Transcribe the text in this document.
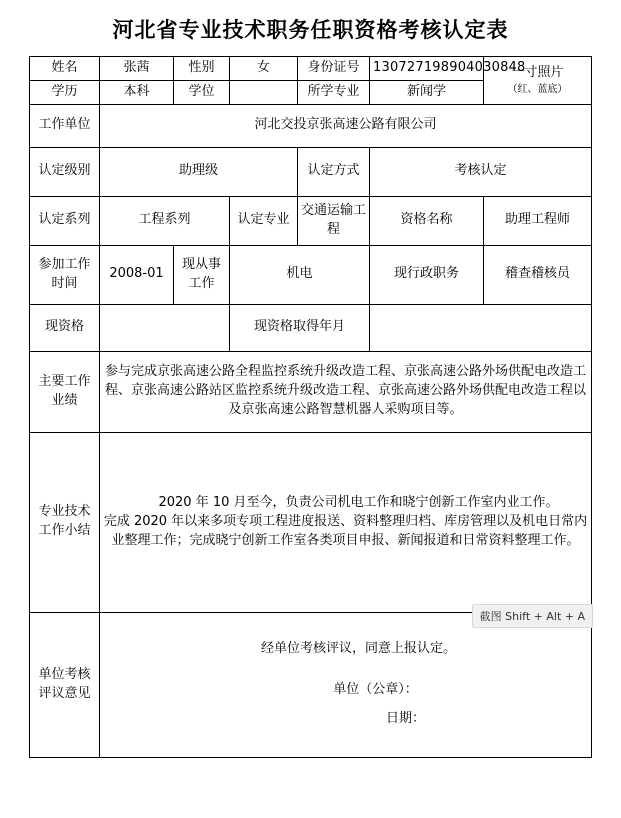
河北省专业技术职务任职资格考核认定表
姓名	张茜	性别	女	身份证号	130727198904030848	一寸照片
（红、蓝底）

学历	本科	学位		所学专业	新闻学	
工作单位	河北交投京张高速公路有限公司					
认定级别	助理级			认定方式	考核认定	
认定系列	工程系列		认定专业	交通运输工程	资格名称	助理工程师
参加工作时间	2008-01	现从事工作	机电		现行政职务	稽查稽核员
现资格			现资格取得年月			
主要工作业绩	参与完成京张高速公路全程监控系统升级改造工程、京张高速公路外场供配电改造工程、京张高速公路站区监控系统升级改造工程、京张高速公路外场供配电改造工程以及京张高速公路智慧机器人采购项目等。					
专业技术工作小结	2020 年 10 月至今，负责公司机电工作和晓宁创新工作室内业工作。

完成 2020 年以来多项专项工程进度报送、资料整理归档、库房管理以及机电日常内业整理工作；完成晓宁创新工作室各类项目申报、新闻报道和日常资料整理工作。					

单位考核评议意见	经单位考核评议，同意上报认定。
单位（公章）：
日期：					
截图 Shift + Alt + A
